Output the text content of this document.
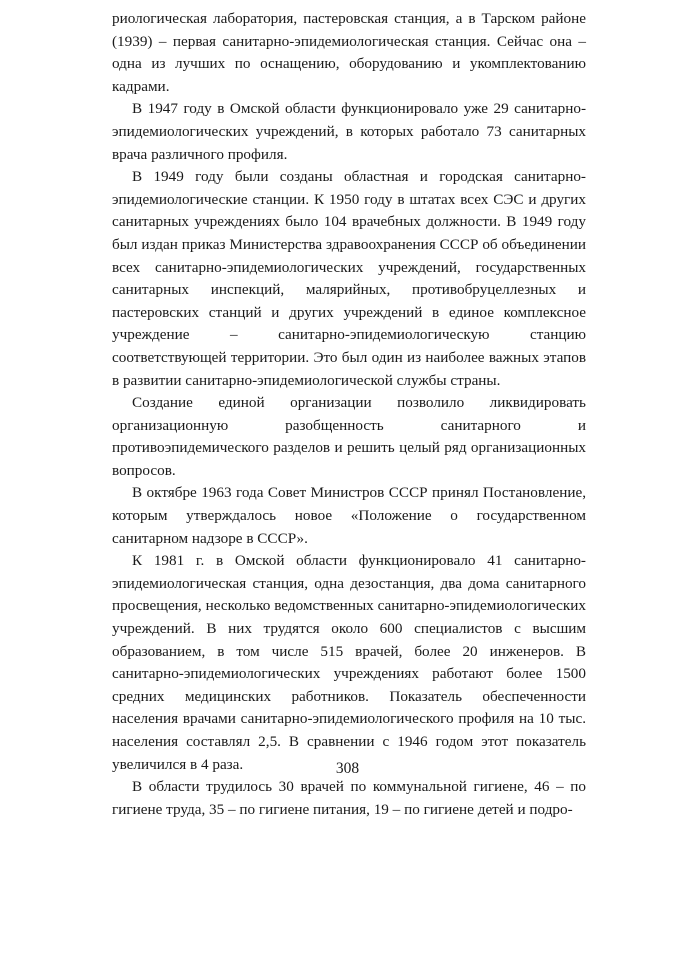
риологическая лаборатория, пастеровская станция, а в Тарском районе (1939) – первая санитарно-эпидемиологическая станция. Сейчас она – одна из лучших по оснащению, оборудованию и укомплектованию кадрами.

В 1947 году в Омской области функционировало уже 29 санитарно-эпидемиологических учреждений, в которых работало 73 санитарных врача различного профиля.

В 1949 году были созданы областная и городская санитарно-эпидемиологические станции. К 1950 году в штатах всех СЭС и других санитарных учреждениях было 104 врачебных должности. В 1949 году был издан приказ Министерства здравоохранения СССР об объединении всех санитарно-эпидемиологических учреждений, государственных санитарных инспекций, малярийных, противобруцеллезных и пастеровских станций и других учреждений в единое комплексное учреждение – санитарно-эпидемиологическую станцию соответствующей территории. Это был один из наиболее важных этапов в развитии санитарно-эпидемиологической службы страны.

Создание единой организации позволило ликвидировать организационную разобщенность санитарного и противоэпидемического разделов и решить целый ряд организационных вопросов.

В октябре 1963 года Совет Министров СССР принял Постановление, которым утверждалось новое «Положение о государственном санитарном надзоре в СССР».

К 1981 г. в Омской области функционировало 41 санитарно-эпидемиологическая станция, одна дезостанция, два дома санитарного просвещения, несколько ведомственных санитарно-эпидемиологических учреждений. В них трудятся около 600 специалистов с высшим образованием, в том числе 515 врачей, более 20 инженеров. В санитарно-эпидемиологических учреждениях работают более 1500 средних медицинских работников. Показатель обеспеченности населения врачами санитарно-эпидемиологического профиля на 10 тыс. населения составлял 2,5. В сравнении с 1946 годом этот показатель увеличился в 4 раза.

В области трудилось 30 врачей по коммунальной гигиене, 46 – по гигиене труда, 35 – по гигиене питания, 19 – по гигиене детей и подро-

308
